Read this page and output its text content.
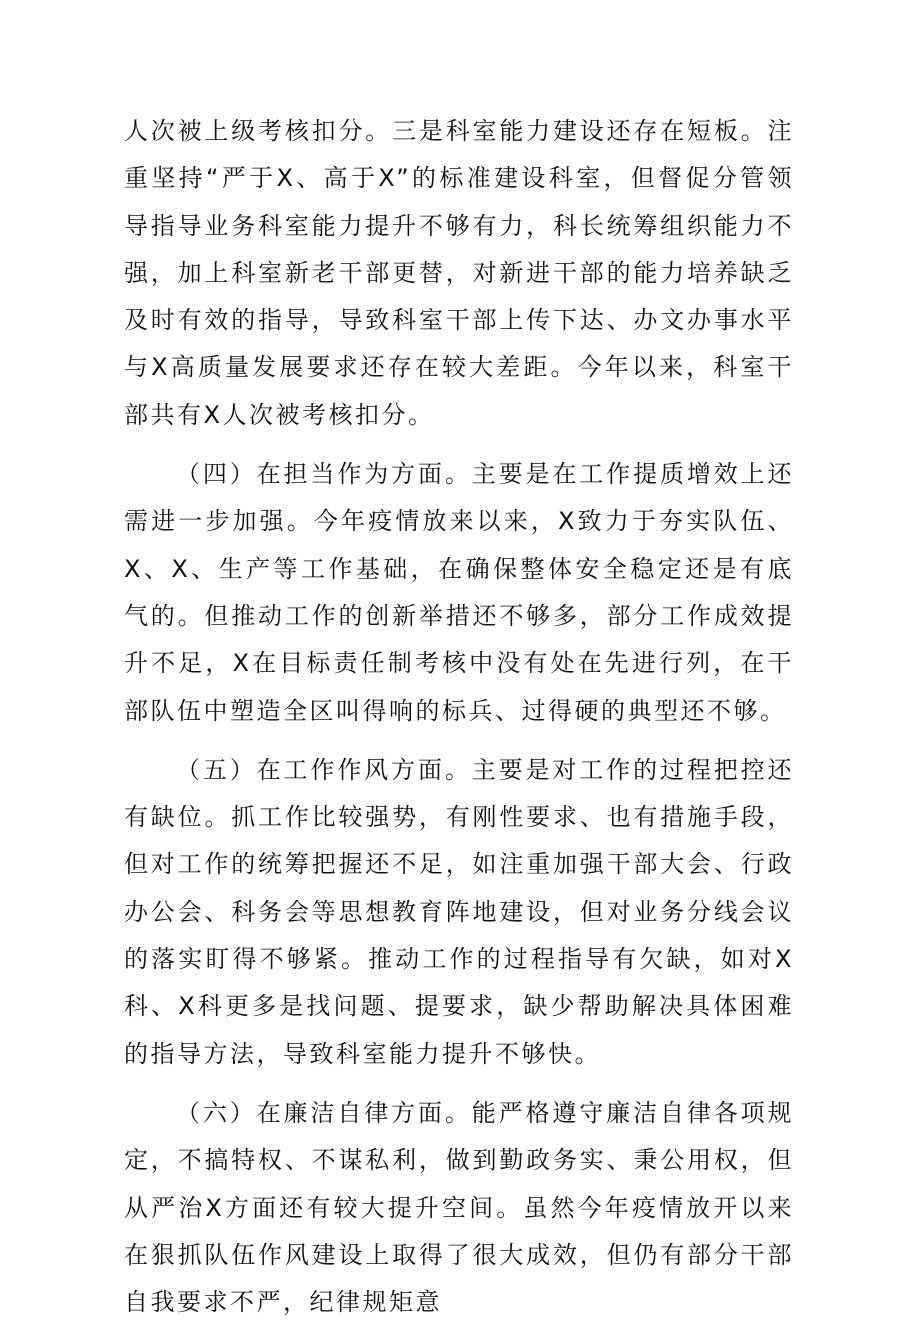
人次被上级考核扣分。三是科室能力建设还存在短板。注重坚持“严于X、高于X”的标准建设科室，但督促分管领导指导业务科室能力提升不够有力，科长统筹组织能力不强，加上科室新老干部更替，对新进干部的能力培养缺乏及时有效的指导，导致科室干部上传下达、办文办事水平与X高质量发展要求还存在较大差距。今年以来，科室干部共有X人次被考核扣分。

（四）在担当作为方面。主要是在工作提质增效上还需进一步加强。今年疫情放来以来，X致力于夯实队伍、X、X、生产等工作基础，在确保整体安全稳定还是有底气的。但推动工作的创新举措还不够多，部分工作成效提升不足，X在目标责任制考核中没有处在先进行列，在干部队伍中塑造全区叫得响的标兵、过得硬的典型还不够。

（五）在工作作风方面。主要是对工作的过程把控还有缺位。抓工作比较强势，有刚性要求、也有措施手段，但对工作的统筹把握还不足，如注重加强干部大会、行政办公会、科务会等思想教育阵地建设，但对业务分线会议的落实盯得不够紧。推动工作的过程指导有欠缺，如对X科、X科更多是找问题、提要求，缺少帮助解决具体困难的指导方法，导致科室能力提升不够快。

（六）在廉洁自律方面。能严格遵守廉洁自律各项规定，不搞特权、不谋私利，做到勤政务实、秉公用权，但从严治X方面还有较大提升空间。虽然今年疫情放开以来在狠抓队伍作风建设上取得了很大成效，但仍有部分干部自我要求不严，纪律规矩意
